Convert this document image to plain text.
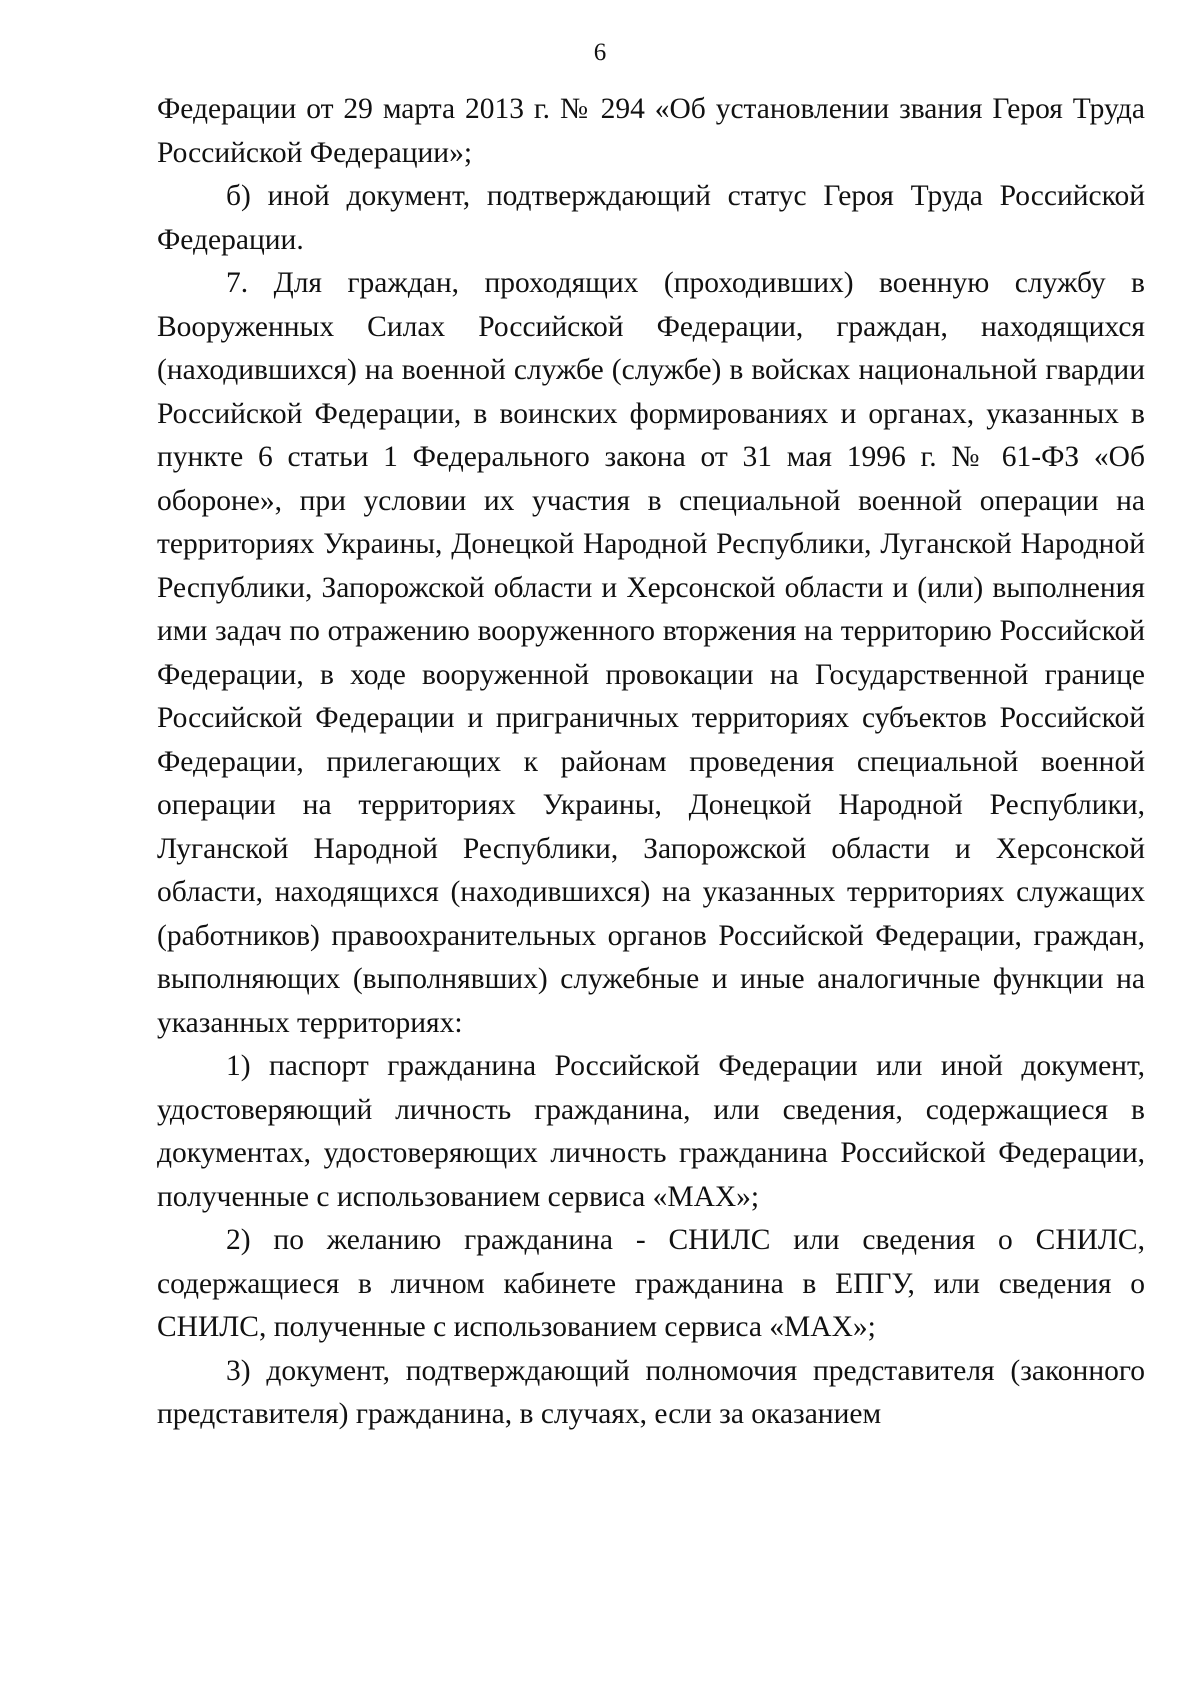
6

Федерации от 29 марта 2013 г. № 294 «Об установлении звания Героя Труда Российской Федерации»;

б) иной документ, подтверждающий статус Героя Труда Российской Федерации.

7. Для граждан, проходящих (проходивших) военную службу в Вооруженных Силах Российской Федерации, граждан, находящихся (находившихся) на военной службе (службе) в войсках национальной гвардии Российской Федерации, в воинских формированиях и органах, указанных в пункте 6 статьи 1 Федерального закона от 31 мая 1996 г. № 61-ФЗ «Об обороне», при условии их участия в специальной военной операции на территориях Украины, Донецкой Народной Республики, Луганской Народной Республики, Запорожской области и Херсонской области и (или) выполнения ими задач по отражению вооруженного вторжения на территорию Российской Федерации, в ходе вооруженной провокации на Государственной границе Российской Федерации и приграничных территориях субъектов Российской Федерации, прилегающих к районам проведения специальной военной операции на территориях Украины, Донецкой Народной Республики, Луганской Народной Республики, Запорожской области и Херсонской области, находящихся (находившихся) на указанных территориях служащих (работников) правоохранительных органов Российской Федерации, граждан, выполняющих (выполнявших) служебные и иные аналогичные функции на указанных территориях:

1) паспорт гражданина Российской Федерации или иной документ, удостоверяющий личность гражданина, или сведения, содержащиеся в документах, удостоверяющих личность гражданина Российской Федерации, полученные с использованием сервиса «MAX»;

2) по желанию гражданина - СНИЛС или сведения о СНИЛС, содержащиеся в личном кабинете гражданина в ЕПГУ, или сведения о СНИЛС, полученные с использованием сервиса «MAX»;

3) документ, подтверждающий полномочия представителя (законного представителя) гражданина, в случаях, если за оказанием
